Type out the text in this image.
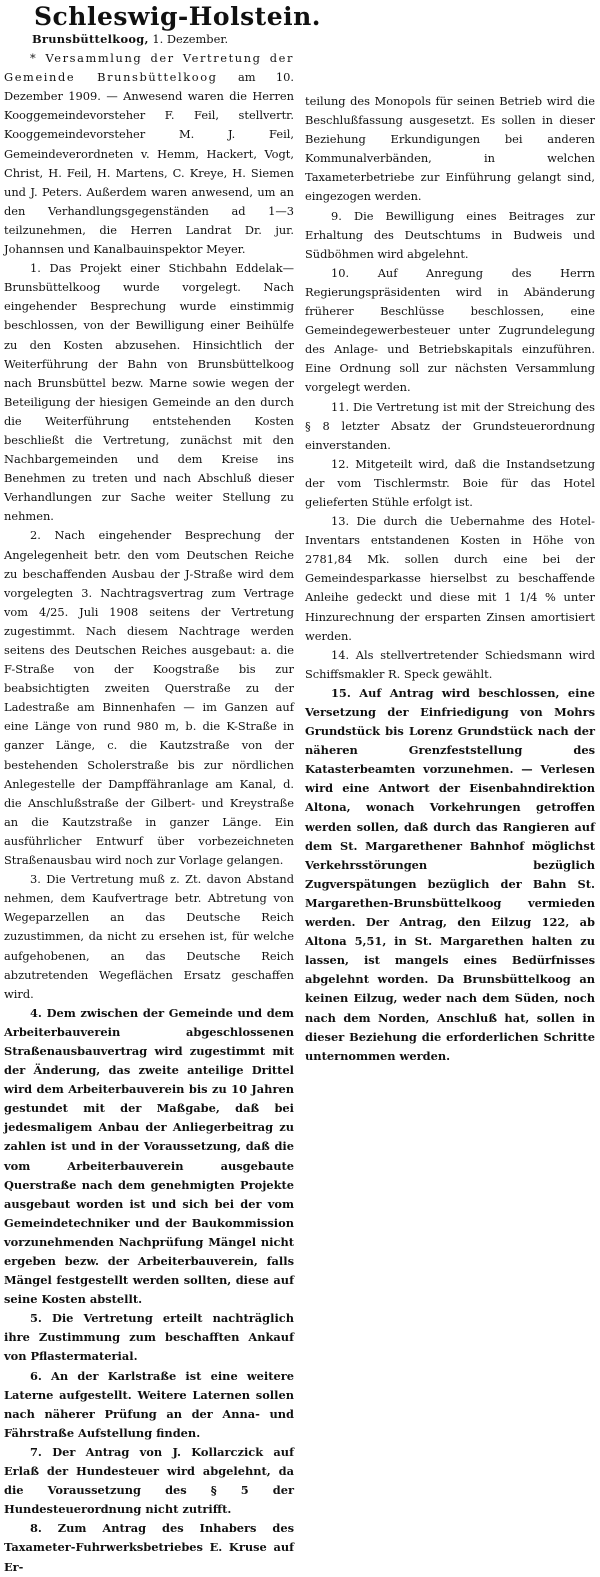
Schleswig-Holstein.
Brunsbüttelkoog, 1. Dezember.

* Versammlung der Vertretung der Gemeinde Brunsbüttelkoog am 10. Dezember 1909. — Anwesend waren die Herren Kooggemeindevorsteher F. Feil, stellvertr. Kooggemeindevorsteher M. J. Feil, Gemeindeverordneten v. Hemm, Hackert, Vogt, Christ, H. Feil, H. Martens, C. Kreye, H. Siemen und J. Peters. Außerdem waren anwesend, um an den Verhandlungsgegenständen ad 1—3 teilzunehmen, die Herren Landrat Dr. jur. Johannsen und Kanalbauinspektor Meyer.

1. Das Projekt einer Stichbahn Eddelak—Brunsbüttelkoog wurde vorgelegt. Nach eingehender Besprechung wurde einstimmig beschlossen, von der Bewilligung einer Beihülfe zu den Kosten abzusehen. Hinsichtlich der Weiterführung der Bahn von Brunsbüttelkoog nach Brunsbüttel bezw. Marne sowie wegen der Beteiligung der hiesigen Gemeinde an den durch die Weiterführung entstehenden Kosten beschließt die Vertretung, zunächst mit den Nachbargemeinden und dem Kreise ins Benehmen zu treten und nach Abschluß dieser Verhandlungen zur Sache weiter Stellung zu nehmen.

2. Nach eingehender Besprechung der Angelegenheit betr. den vom Deutschen Reiche zu beschaffenden Ausbau der J-Straße wird dem vorgelegten 3. Nachtragsvertrag zum Vertrage vom 4/25. Juli 1908 seitens der Vertretung zugestimmt. Nach diesem Nachtrage werden seitens des Deutschen Reiches ausgebaut: a. die F-Straße von der Koogstraße bis zur beabsichtigten zweiten Querstraße zu der Ladestraße am Binnenhafen — im Ganzen auf eine Länge von rund 980 m, b. die K-Straße in ganzer Länge, c. die Kautzstraße von der bestehenden Scholerstraße bis zur nördlichen Anlegestelle der Dampffähranlage am Kanal, d. die Anschlußstraße der Gilbert- und Kreystraße an die Kautzstraße in ganzer Länge. Ein ausführlicher Entwurf über vorbezeichneten Straßenausbau wird noch zur Vorlage gelangen.

3. Die Vertretung muß z. Zt. davon Abstand nehmen, dem Kaufvertrage betr. Abtretung von Wegeparzellen an das Deutsche Reich zuzustimmen, da nicht zu ersehen ist, für welche aufgehobenen, an das Deutsche Reich abzutretenden Wegeflächen Ersatz geschaffen wird.

4. Dem zwischen der Gemeinde und dem Arbeiterbauverein abgeschlossenen Straßenausbauvertrag wird zugestimmt mit der Änderung, das zweite anteilige Drittel wird dem Arbeiterbauverein bis zu 10 Jahren gestundet mit der Maßgabe, daß bei jedesmaligem Anbau der Anliegerbeitrag zu zahlen ist und in der Voraussetzung, daß die vom Arbeiterbauverein ausgebaute Querstraße nach dem genehmigten Projekte ausgebaut worden ist und sich bei der vom Gemeindetechniker und der Baukommission vorzunehmenden Nachprüfung Mängel nicht ergeben bezw. der Arbeiterbauverein, falls Mängel festgestellt werden sollten, diese auf seine Kosten abstellt.

5. Die Vertretung erteilt nachträglich ihre Zustimmung zum beschafften Ankauf von Pflastermaterial.

6. An der Karlstraße ist eine weitere Laterne aufgestellt. Weitere Laternen sollen nach näherer Prüfung an der Anna- und Fährstraße Aufstellung finden.

7. Der Antrag von J. Kollarczick auf Erlaß der Hundesteuer wird abgelehnt, da die Voraussetzung des § 5 der Hundesteuerordnung nicht zutrifft.

8. Zum Antrag des Inhabers des Taxameter-Fuhrwerksbetriebes E. Kruse auf Er-

teilung des Monopols für seinen Betrieb wird die Beschlußfassung ausgesetzt. Es sollen in dieser Beziehung Erkundigungen bei anderen Kommunalverbänden, in welchen Taxameterbetriebe zur Einführung gelangt sind, eingezogen werden.

9. Die Bewilligung eines Beitrages zur Erhaltung des Deutschtums in Budweis und Südböhmen wird abgelehnt.

10. Auf Anregung des Herrn Regierungspräsidenten wird in Abänderung früherer Beschlüsse beschlossen, eine Gemeindegewerbesteuer unter Zugrundelegung des Anlage- und Betriebskapitals einzuführen. Eine Ordnung soll zur nächsten Versammlung vorgelegt werden.

11. Die Vertretung ist mit der Streichung des § 8 letzter Absatz der Grundsteuerordnung einverstanden.

12. Mitgeteilt wird, daß die Instandsetzung der vom Tischlermstr. Boie für das Hotel gelieferten Stühle erfolgt ist.

13. Die durch die Uebernahme des Hotel-Inventars entstandenen Kosten in Höhe von 2781,84 Mk. sollen durch eine bei der Gemeindesparkasse hierselbst zu beschaffende Anleihe gedeckt und diese mit 1 1/4 % unter Hinzurechnung der ersparten Zinsen amortisiert werden.

14. Als stellvertretender Schiedsmann wird Schiffsmakler R. Speck gewählt.

15. Auf Antrag wird beschlossen, eine Versetzung der Einfriedigung von Mohrs Grundstück bis Lorenz Grundstück nach der näheren Grenzfeststellung des Katasterbeamten vorzunehmen. — Verlesen wird eine Antwort der Eisenbahndirektion Altona, wonach Vorkehrungen getroffen werden sollen, daß durch das Rangieren auf dem St. Margarethener Bahnhof möglichst Verkehrsstörungen bezüglich Zugverspätungen bezüglich der Bahn St. Margarethen-Brunsbüttelkoog vermieden werden. Der Antrag, den Eilzug 122, ab Altona 5,51, in St. Margarethen halten zu lassen, ist mangels eines Bedürfnisses abgelehnt worden. Da Brunsbüttelkoog an keinen Eilzug, weder nach dem Süden, noch nach dem Norden, Anschluß hat, sollen in dieser Beziehung die erforderlichen Schritte unternommen werden.
